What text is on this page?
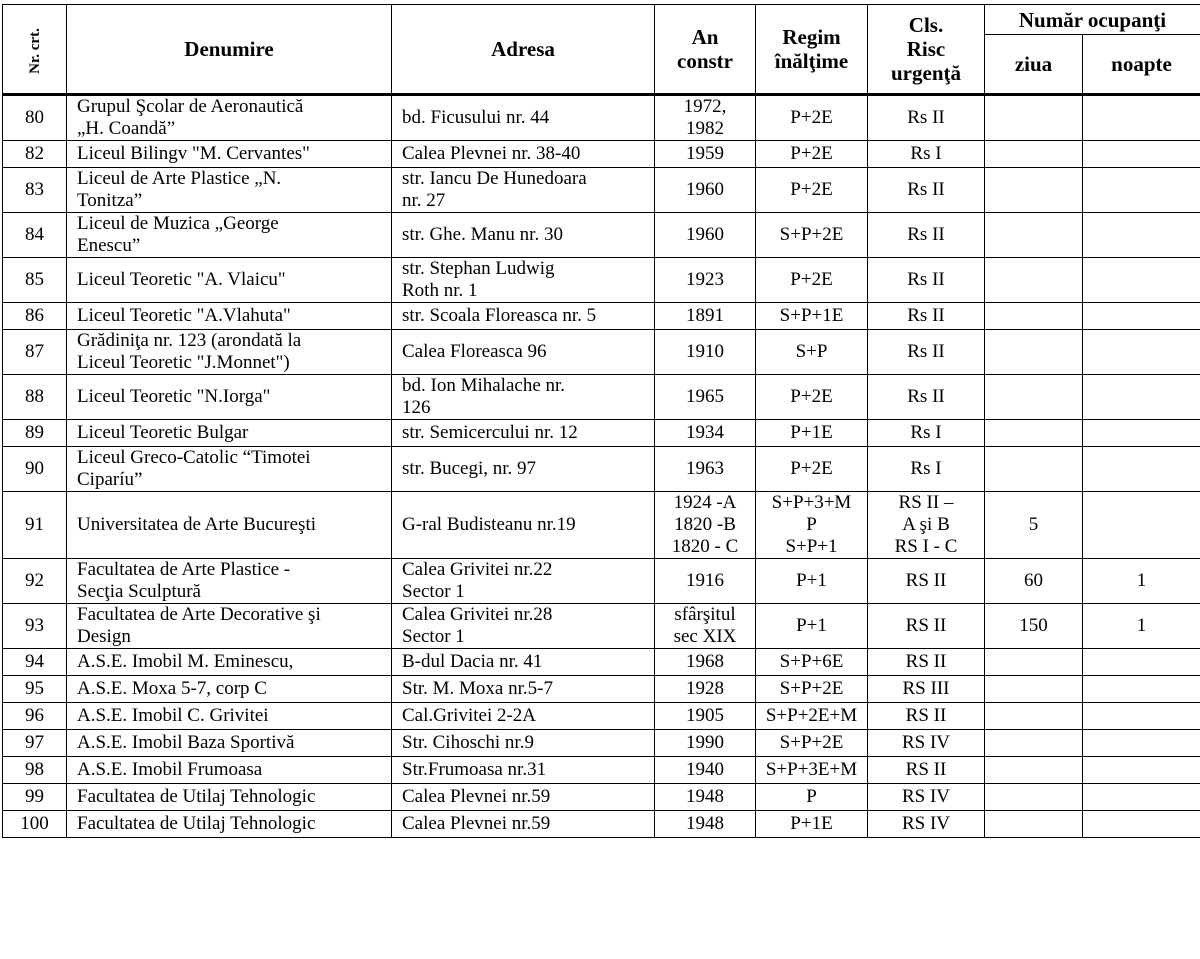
Nr. crt.	Denumire	Adresa	An
constr	Regim
înălţime	Cls.
Risc
urgenţă	Număr ocupanţi	
						ziua	noapte
80	Grupul Şcolar de Aeronautică
„H. Coandă”	bd. Ficusului nr. 44	1972,
1982	P+2E	Rs II		
82	Liceul Bilingv "M. Cervantes"	Calea Plevnei nr. 38-40	1959	P+2E	Rs I		
83	Liceul de Arte Plastice „N.
Tonitza”	str. Iancu De Hunedoara
nr. 27	1960	P+2E	Rs II		
84	Liceul de Muzica „George
Enescu”	str. Ghe. Manu nr. 30	1960	S+P+2E	Rs II		
85	Liceul Teoretic "A. Vlaicu"	str. Stephan Ludwig
Roth nr. 1	1923	P+2E	Rs II		
86	Liceul Teoretic "A.Vlahuta"	str. Scoala Floreasca nr. 5	1891	S+P+1E	Rs II		
87	Grădiniţa nr. 123 (arondată la
Liceul Teoretic "J.Monnet")	Calea Floreasca 96	1910	S+P	Rs II		
88	Liceul Teoretic "N.Iorga"	bd. Ion Mihalache nr.
126	1965	P+2E	Rs II		
89	Liceul Teoretic Bulgar	str. Semicercului nr. 12	1934	P+1E	Rs I		
90	Liceul Greco-Catolic “Timotei
Ciparíu”	str. Bucegi, nr. 97	1963	P+2E	Rs I		
91	Universitatea de Arte Bucureşti	G-ral Budisteanu nr.19	1924 -A
1820 -B
1820 - C	S+P+3+M
P
S+P+1	RS II –
A şi B
RS I - C	5	
92	Facultatea de Arte Plastice -
Secţia Sculptură	Calea Grivitei nr.22
Sector 1	1916	P+1	RS II	60	1
93	Facultatea de Arte Decorative şi
Design	Calea Grivitei nr.28
Sector 1	sfârşitul
sec XIX	P+1	RS II	150	1
94	A.S.E. Imobil M. Eminescu,	B-dul Dacia nr. 41	1968	S+P+6E	RS II		
95	A.S.E. Moxa 5-7, corp C	Str. M. Moxa nr.5-7	1928	S+P+2E	RS III		
96	A.S.E. Imobil C. Grivitei	Cal.Grivitei 2-2A	1905	S+P+2E+M	RS II		
97	A.S.E. Imobil Baza Sportivă	Str. Cihoschi nr.9	1990	S+P+2E	RS IV		
98	A.S.E. Imobil Frumoasa	Str.Frumoasa nr.31	1940	S+P+3E+M	RS II		
99	Facultatea de Utilaj Tehnologic	Calea Plevnei nr.59	1948	P	RS IV		
100	Facultatea de Utilaj Tehnologic	Calea Plevnei nr.59	1948	P+1E	RS IV		
